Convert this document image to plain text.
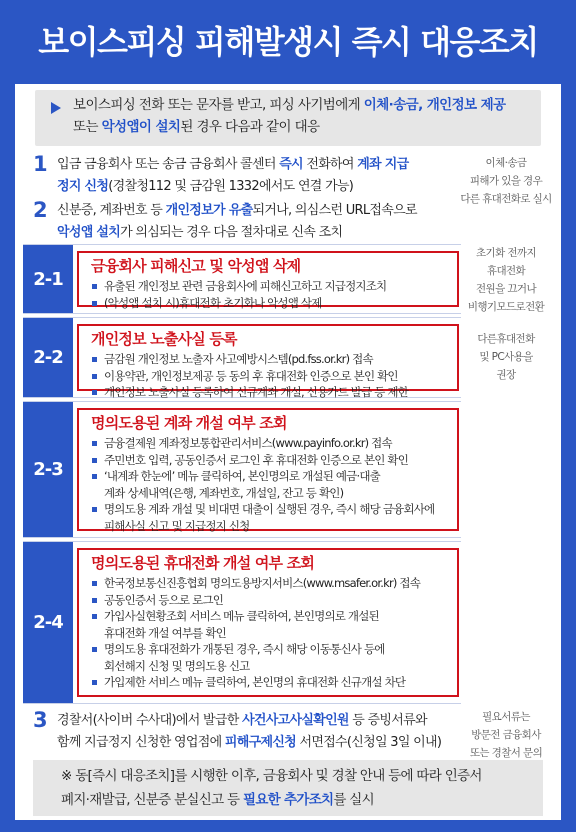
보이스피싱 피해발생시 즉시 대응조치
보이스피싱 전화 또는 문자를 받고, 피싱 사기범에게 이체·송금, 개인정보 제공
또는 악성앱이 설치된 경우 다음과 같이 대응
1 입금 금융회사 또는 송금 금융회사 콜센터 즉시 전화하여 계좌 지급
정지 신청(경찰청112 및 금감원 1332에서도 연결 가능)
이체·송금
피해가 있을 경우
다른 휴대전화로 실시
2 신분증, 계좌번호 등 개인정보가 유출되거나, 의심스런 URL접속으로
악성앱 설치가 의심되는 경우 다음 절차대로 신속 조치
초기화 전까지
휴대전화
전원을 끄거나
비행기모드로전환
다른휴대전화
및 PC사용을
권장
2-1
금융회사 피해신고 및 악성앱 삭제
유출된 개인정보 관련 금융회사에 피해신고하고 지급정지조치
(악성앱 설치 시)휴대전화 초기화나 악성앱 삭제
2-2
개인정보 노출사실 등록
금감원 개인정보 노출자 사고예방시스템(pd.fss.or.kr) 접속
이용약관, 개인정보제공 등 동의 후 휴대전화 인증으로 본인 확인
개인정보 노출사실 등록하여 신규계좌 개설, 신용카드 발급 등 제한
2-3
명의도용된 계좌 개설 여부 조회
금융결제원 계좌정보통합관리서비스(www.payinfo.or.kr) 접속
주민번호 입력, 공동인증서 로그인 후 휴대전화 인증으로 본인 확인
‘내계좌 한눈에’ 메뉴 클릭하여, 본인명의로 개설된 예금·대출
계좌 상세내역(은행, 계좌번호, 개설일, 잔고 등 확인)
명의도용 계좌 개설 및 비대면 대출이 실행된 경우, 즉시 해당 금융회사에
피해사실 신고 및 지급정지 신청
2-4
명의도용된 휴대전화 개설 여부 조회
한국정보통신진흥협회 명의도용방지서비스(www.msafer.or.kr) 접속
공동인증서 등으로 로그인
가입사실현황조회 서비스 메뉴 클릭하여, 본인명의로 개설된
휴대전화 개설 여부를 확인
명의도용 휴대전화가 개통된 경우, 즉시 해당 이동통신사 등에
회선해지 신청 및 명의도용 신고
가입제한 서비스 메뉴 클릭하여, 본인명의 휴대전화 신규개설 차단
3 경찰서(사이버 수사대)에서 발급한 사건사고사실확인원 등 증빙서류와
함께 지급정지 신청한 영업점에 피해구제신청 서면접수(신청일 3일 이내)
필요서류는
방문전 금융회사
또는 경찰서 문의
※ 동[즉시 대응조치]를 시행한 이후, 금융회사 및 경찰 안내 등에 따라 인증서
폐지·재발급, 신분증 분실신고 등 필요한 추가조치를 실시
